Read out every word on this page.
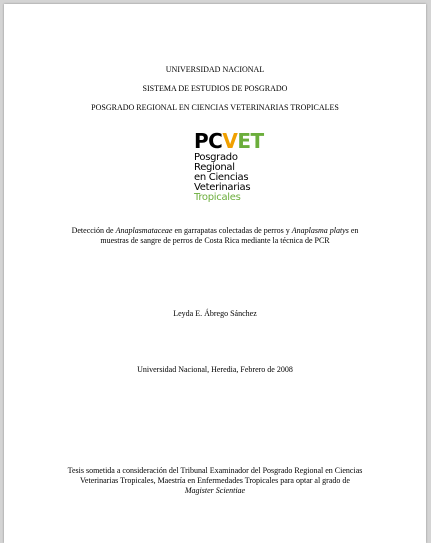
UNIVERSIDAD NACIONAL
SISTEMA DE ESTUDIOS DE POSGRADO
POSGRADO REGIONAL EN CIENCIAS VETERINARIAS TROPICALES
PC V ET
Posgrado
Regional
en Ciencias
Veterinarias
Tropicales
Detección de Anaplasmataceae en garrapatas colectadas de perros y Anaplasma platys en
muestras de sangre de perros de Costa Rica mediante la técnica de PCR
Leyda E. Ábrego Sánchez
Universidad Nacional, Heredia, Febrero de 2008
Tesis sometida a consideración del Tribunal Examinador del Posgrado Regional en Ciencias
Veterinarias Tropicales, Maestría en Enfermedades Tropicales para optar al grado de
Magister Scientiae
